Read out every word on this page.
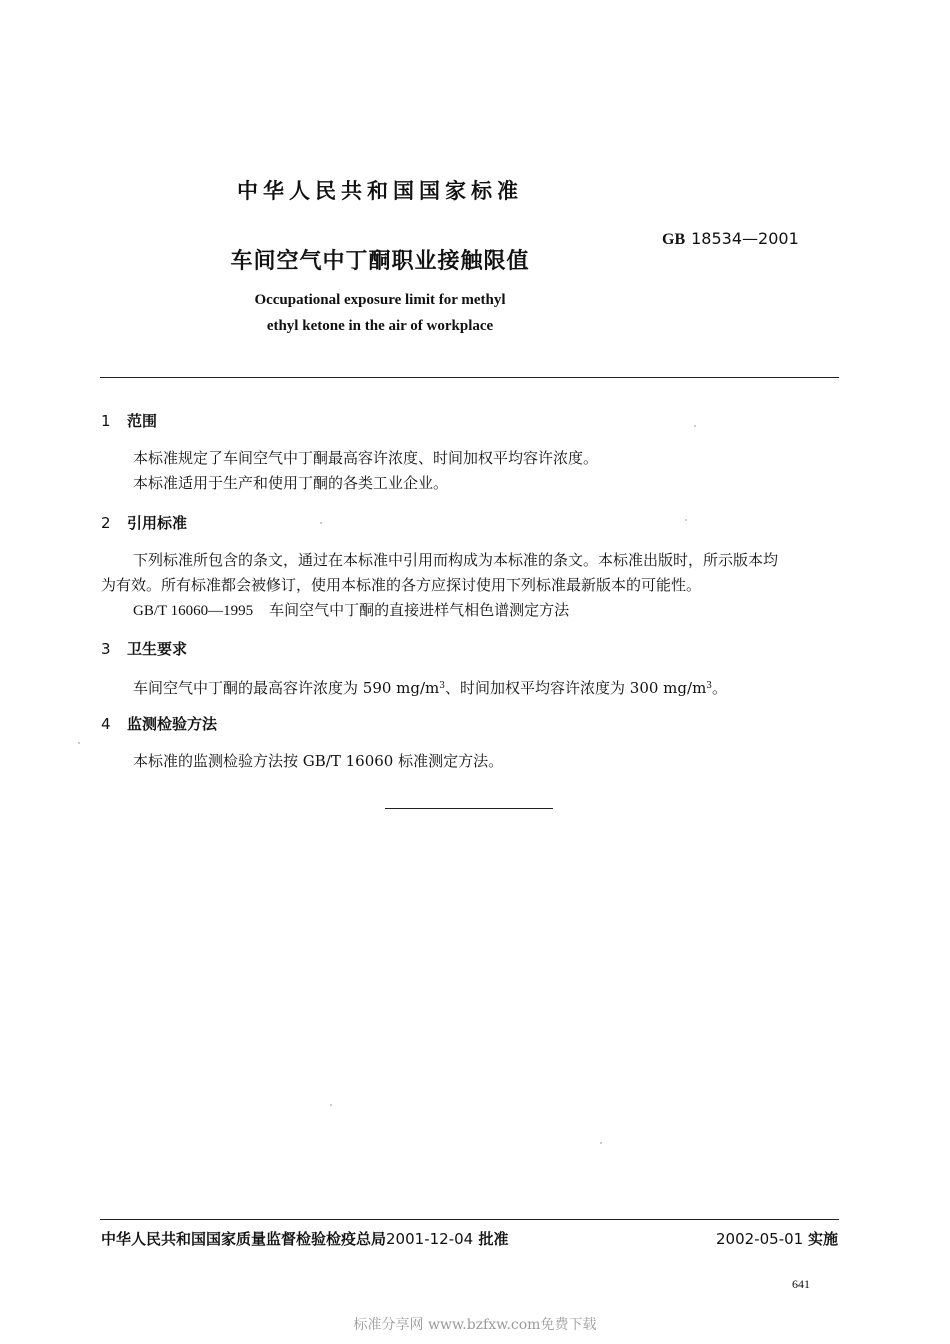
中华人民共和国国家标准
GB 18534—2001
车间空气中丁酮职业接触限值
Occupational exposure limit for methyl
ethyl ketone in the air of workplace
1 范围
本标准规定了车间空气中丁酮最高容许浓度、时间加权平均容许浓度。
本标准适用于生产和使用丁酮的各类工业企业。
2 引用标准
下列标准所包含的条文，通过在本标准中引用而构成为本标准的条文。本标准出版时，所示版本均
为有效。所有标准都会被修订，使用本标准的各方应探讨使用下列标准最新版本的可能性。
GB/T 16060—1995 车间空气中丁酮的直接进样气相色谱测定方法
3 卫生要求
车间空气中丁酮的最高容许浓度为 590 $mg/m^3$、时间加权平均容许浓度为 300 $mg/m^3$。
4 监测检验方法
本标准的监测检验方法按 GB/T 16060 标准测定方法。
中华人民共和国国家质量监督检验检疫总局2001-12-04 批准	2002-05-01 实施
641
标准分享网 www.bzfxw.com免费下载
